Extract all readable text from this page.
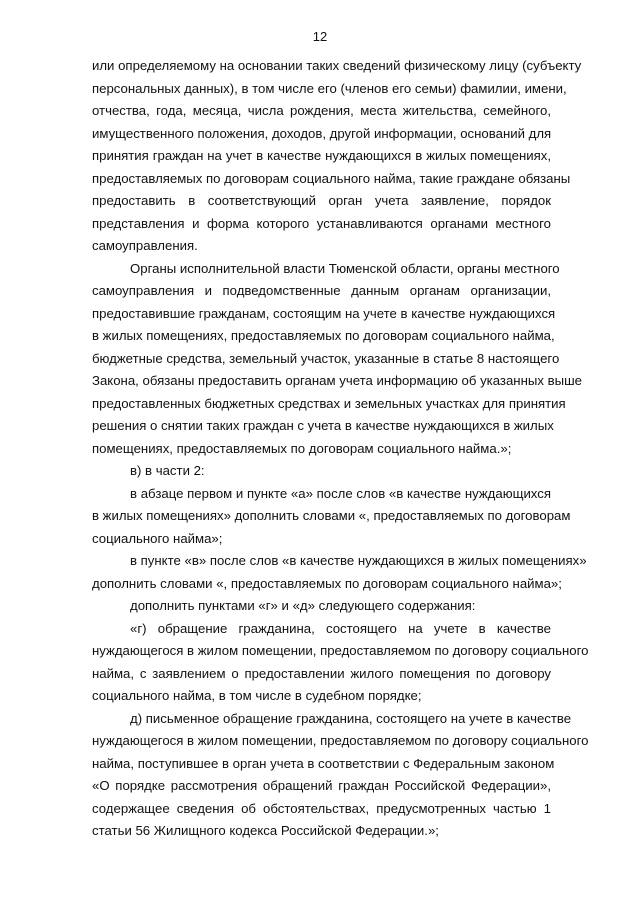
12
или определяемому на основании таких сведений физическому лицу (субъекту
персональных данных), в том числе его (членов его семьи) фамилии, имени,
отчества, года, месяца, числа рождения, места жительства, семейного,
имущественного положения, доходов, другой информации, оснований для
принятия граждан на учет в качестве нуждающихся в жилых помещениях,
предоставляемых по договорам социального найма, такие граждане обязаны
предоставить в соответствующий орган учета заявление, порядок
представления и форма которого устанавливаются органами местного
самоуправления.
Органы исполнительной власти Тюменской области, органы местного
самоуправления и подведомственные данным органам организации,
предоставившие гражданам, состоящим на учете в качестве нуждающихся
в жилых помещениях, предоставляемых по договорам социального найма,
бюджетные средства, земельный участок, указанные в статье 8 настоящего
Закона, обязаны предоставить органам учета информацию об указанных выше
предоставленных бюджетных средствах и земельных участках для принятия
решения о снятии таких граждан с учета в качестве нуждающихся в жилых
помещениях, предоставляемых по договорам социального найма.»;
в) в части 2:
в абзаце первом и пункте «а» после слов «в качестве нуждающихся
в жилых помещениях» дополнить словами «, предоставляемых по договорам
социального найма»;
в пункте «в» после слов «в качестве нуждающихся в жилых помещениях»
дополнить словами «, предоставляемых по договорам социального найма»;
дополнить пунктами «г» и «д» следующего содержания:
«г) обращение гражданина, состоящего на учете в качестве
нуждающегося в жилом помещении, предоставляемом по договору социального
найма, с заявлением о предоставлении жилого помещения по договору
социального найма, в том числе в судебном порядке;
д) письменное обращение гражданина, состоящего на учете в качестве
нуждающегося в жилом помещении, предоставляемом по договору социального
найма, поступившее в орган учета в соответствии с Федеральным законом
«О порядке рассмотрения обращений граждан Российской Федерации»,
содержащее сведения об обстоятельствах, предусмотренных частью 1
статьи 56 Жилищного кодекса Российской Федерации.»;
